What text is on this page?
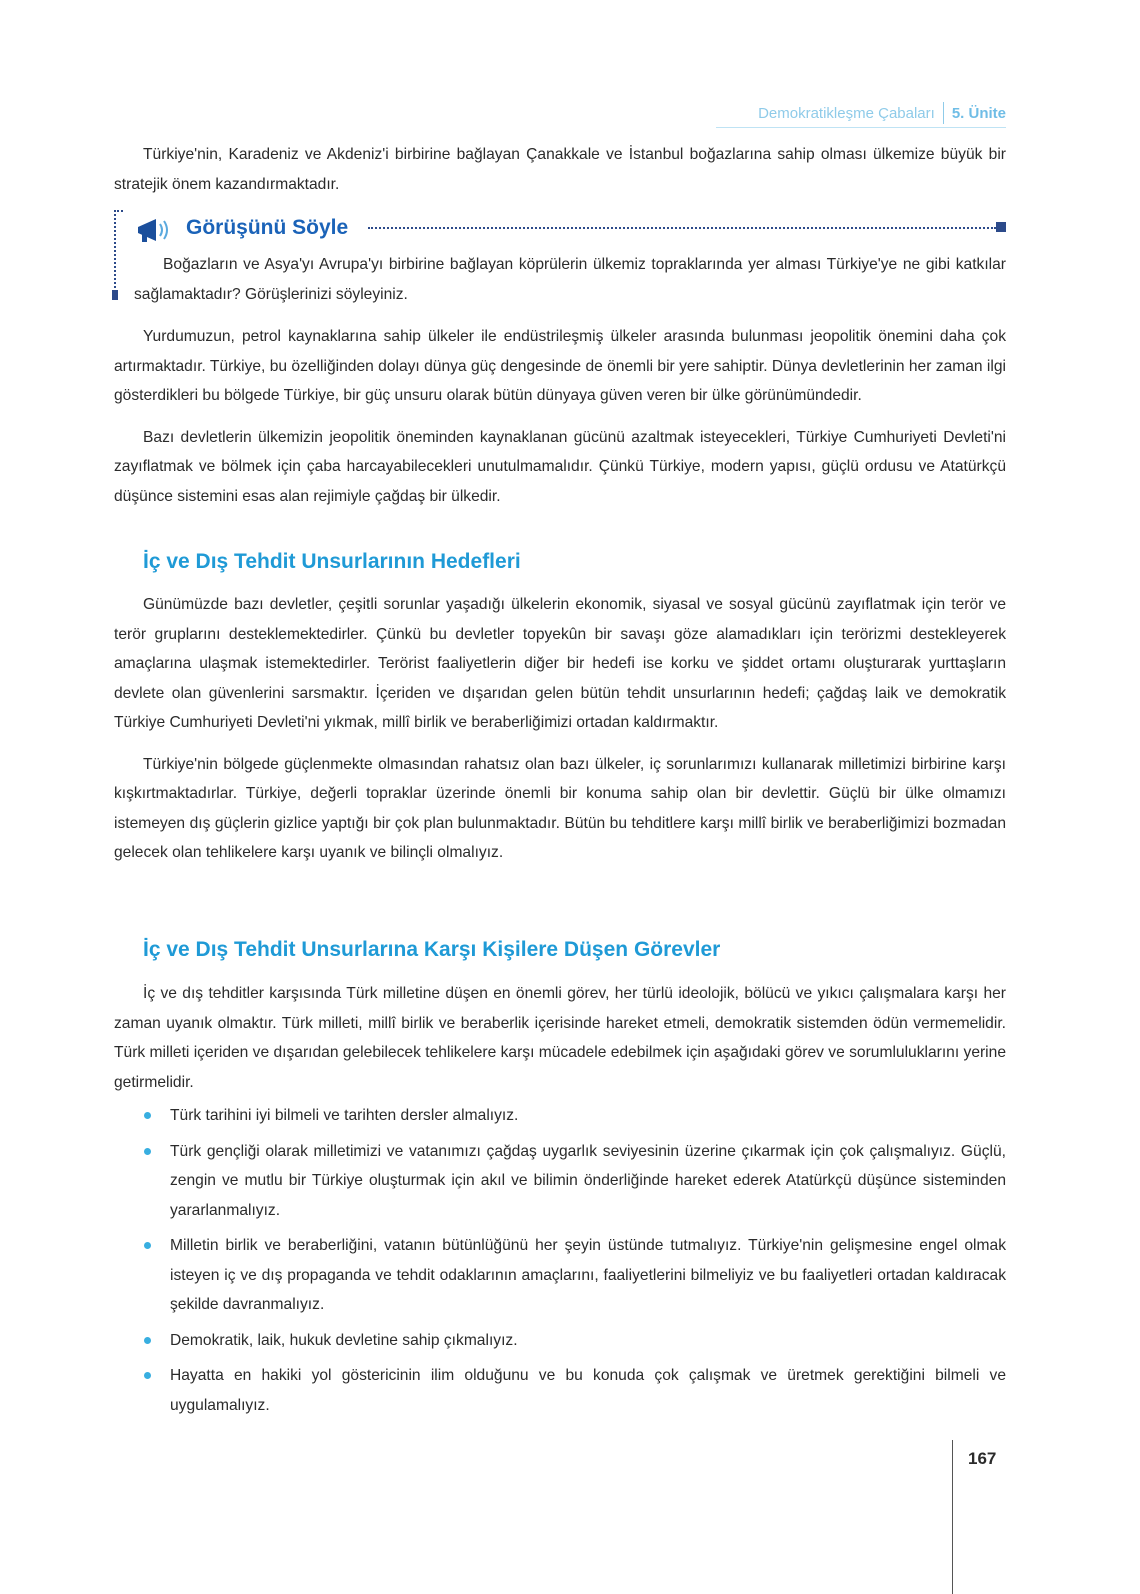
Demokratikleşme Çabaları 5. Ünite

Türkiye'nin, Karadeniz ve Akdeniz'i birbirine bağlayan Çanakkale ve İstanbul boğazlarına sahip olması ülkemize büyük bir stratejik önem kazandırmaktadır.

Görüşünü Söyle
Boğazların ve Asya'yı Avrupa'yı birbirine bağlayan köprülerin ülkemiz topraklarında yer alması Türkiye'ye ne gibi katkılar sağlamaktadır? Görüşlerinizi söyleyiniz.

Yurdumuzun, petrol kaynaklarına sahip ülkeler ile endüstrileşmiş ülkeler arasında bulunması jeopolitik önemini daha çok artırmaktadır. Türkiye, bu özelliğinden dolayı dünya güç dengesinde de önemli bir yere sahiptir. Dünya devletlerinin her zaman ilgi gösterdikleri bu bölgede Türkiye, bir güç unsuru olarak bütün dünyaya güven veren bir ülke görünümündedir.

Bazı devletlerin ülkemizin jeopolitik öneminden kaynaklanan gücünü azaltmak isteyecekleri, Türkiye Cumhuriyeti Devleti'ni zayıflatmak ve bölmek için çaba harcayabilecekleri unutulmamalıdır. Çünkü Türkiye, modern yapısı, güçlü ordusu ve Atatürkçü düşünce sistemini esas alan rejimiyle çağdaş bir ülkedir.

İç ve Dış Tehdit Unsurlarının Hedefleri

Günümüzde bazı devletler, çeşitli sorunlar yaşadığı ülkelerin ekonomik, siyasal ve sosyal gücünü zayıflatmak için terör ve terör gruplarını desteklemektedirler. Çünkü bu devletler topyekûn bir savaşı göze alamadıkları için terörizmi destekleyerek amaçlarına ulaşmak istemektedirler. Terörist faaliyetlerin diğer bir hedefi ise korku ve şiddet ortamı oluşturarak yurttaşların devlete olan güvenlerini sarsmaktır. İçeriden ve dışarıdan gelen bütün tehdit unsurlarının hedefi; çağdaş laik ve demokratik Türkiye Cumhuriyeti Devleti'ni yıkmak, millî birlik ve beraberliğimizi ortadan kaldırmaktır.

Türkiye'nin bölgede güçlenmekte olmasından rahatsız olan bazı ülkeler, iç sorunlarımızı kullanarak milletimizi birbirine karşı kışkırtmaktadırlar. Türkiye, değerli topraklar üzerinde önemli bir konuma sahip olan bir devlettir. Güçlü bir ülke olmamızı istemeyen dış güçlerin gizlice yaptığı bir çok plan bulunmaktadır. Bütün bu tehditlere karşı millî birlik ve beraberliğimizi bozmadan gelecek olan tehlikelere karşı uyanık ve bilinçli olmalıyız.

İç ve Dış Tehdit Unsurlarına Karşı Kişilere Düşen Görevler

İç ve dış tehditler karşısında Türk milletine düşen en önemli görev, her türlü ideolojik, bölücü ve yıkıcı çalışmalara karşı her zaman uyanık olmaktır. Türk milleti, millî birlik ve beraberlik içerisinde hareket etmeli, demokratik sistemden ödün vermemelidir. Türk milleti içeriden ve dışarıdan gelebilecek tehlikelere karşı mücadele edebilmek için aşağıdaki görev ve sorumluluklarını yerine getirmelidir.

Türk tarihini iyi bilmeli ve tarihten dersler almalıyız.
Türk gençliği olarak milletimizi ve vatanımızı çağdaş uygarlık seviyesinin üzerine çıkarmak için çok çalışmalıyız. Güçlü, zengin ve mutlu bir Türkiye oluşturmak için akıl ve bilimin önderliğinde hareket ederek Atatürkçü düşünce sisteminden yararlanmalıyız.
Milletin birlik ve beraberliğini, vatanın bütünlüğünü her şeyin üstünde tutmalıyız. Türkiye'nin gelişmesine engel olmak isteyen iç ve dış propaganda ve tehdit odaklarının amaçlarını, faaliyetlerini bilmeliyiz ve bu faaliyetleri ortadan kaldıracak şekilde davranmalıyız.
Demokratik, laik, hukuk devletine sahip çıkmalıyız.
Hayatta en hakiki yol göstericinin ilim olduğunu ve bu konuda çok çalışmak ve üretmek gerektiğini bilmeli ve uygulamalıyız.
167
